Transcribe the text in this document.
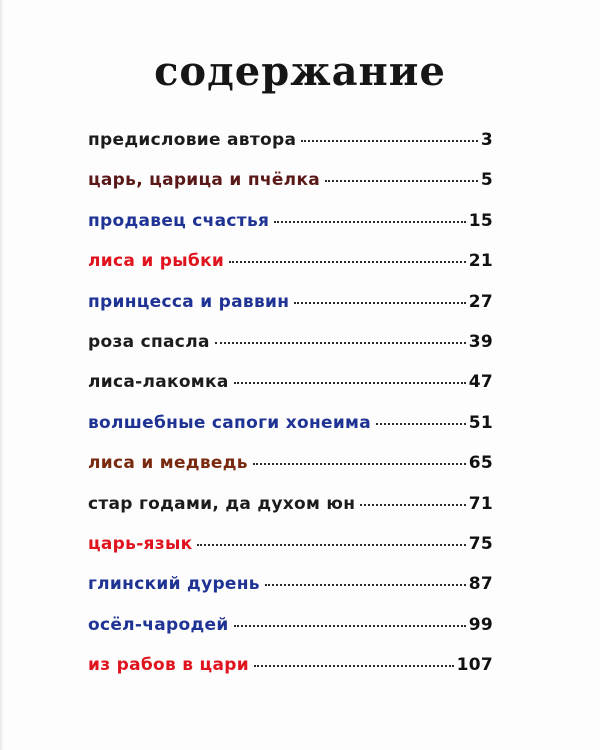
содержание
предисловие автора	3
царь, царица и пчёлка	5
продавец счастья	15
лиса и рыбки	21
принцесса и раввин	27
роза спасла	39
лиса-лакомка	47
волшебные сапоги хонеима	51
лиса и медведь	65
стар годами, да духом юн	71
царь-язык	75
глинский дурень	87
осёл-чародей	99
из рабов в цари	107
